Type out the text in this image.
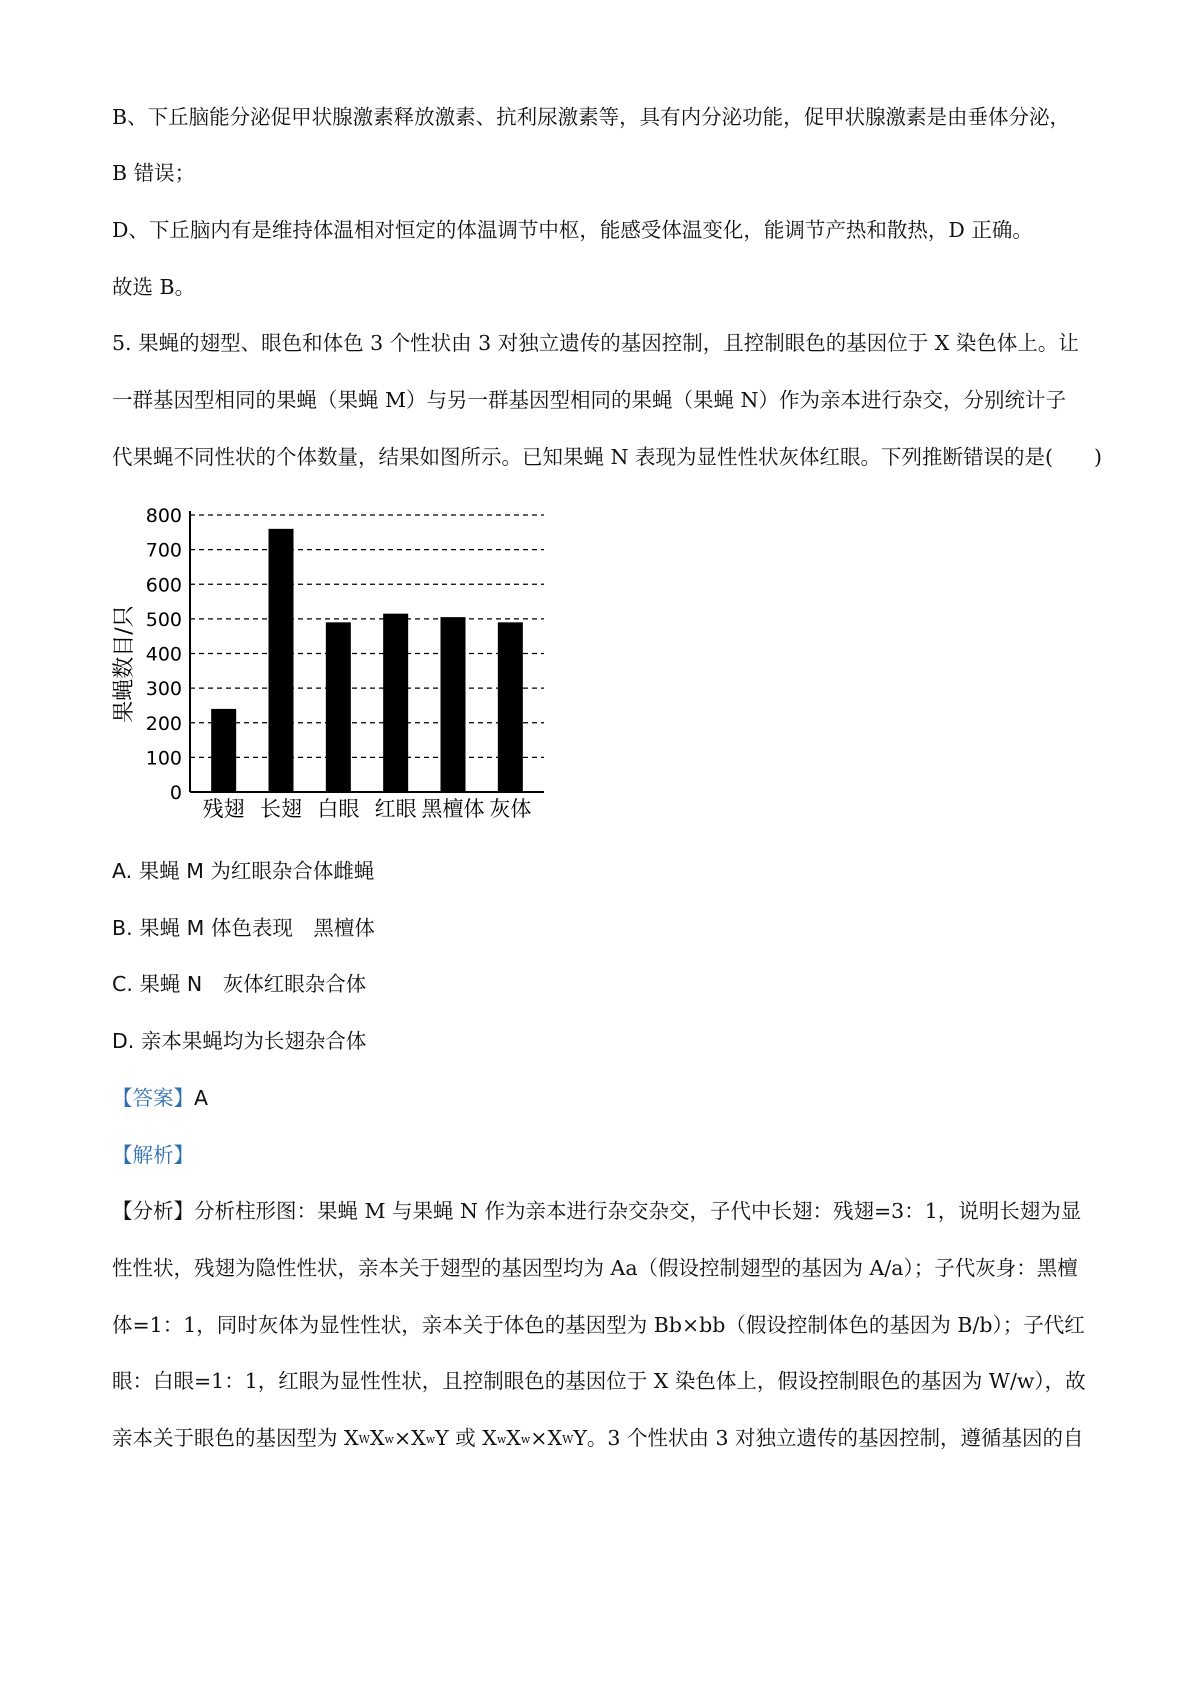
B、下丘脑能分泌促甲状腺激素释放激素、抗利尿激素等，具有内分泌功能，促甲状腺激素是由垂体分泌，
B 错误；
D、下丘脑内有是维持体温相对恒定的体温调节中枢，能感受体温变化，能调节产热和散热，D 正确。
故选 B。
5. 果蝇的翅型、眼色和体色 3 个性状由 3 对独立遗传的基因控制，且控制眼色的基因位于 X 染色体上。让
一群基因型相同的果蝇（果蝇 M）与另一群基因型相同的果蝇（果蝇 N）作为亲本进行杂交，分别统计子
代果蝇不同性状的个体数量，结果如图所示。已知果蝇 N 表现为显性性状灰体红眼。下列推断错误的是(　　)
0
100
200
300
400
500
600
700
800
残翅 长翅 白眼 红眼 黑檀体 灰体
果蝇数目/只
A. 果蝇 M 为红眼杂合体雌蝇
B. 果蝇 M 体色表现　黑檀体
C. 果蝇 N　灰体红眼杂合体
D. 亲本果蝇均为长翅杂合体
【答案】A
【解析】
【分析】分析柱形图：果蝇 M 与果蝇 N 作为亲本进行杂交杂交，子代中长翅：残翅=3：1，说明长翅为显
性性状，残翅为隐性性状，亲本关于翅型的基因型均为 Aa（假设控制翅型的基因为 A/a）；子代灰身：黑檀
体=1：1，同时灰体为显性性状，亲本关于体色的基因型为 Bb×bb（假设控制体色的基因为 B/b）；子代红
眼：白眼=1：1，红眼为显性性状，且控制眼色的基因位于 X 染色体上，假设控制眼色的基因为 W/w），故
亲本关于眼色的基因型为 $X^WX^w\times X^wY$ 或 $X^wX^w\times X^WY$。3 个性状由 3 对独立遗传的基因控制，遵循基因的自
